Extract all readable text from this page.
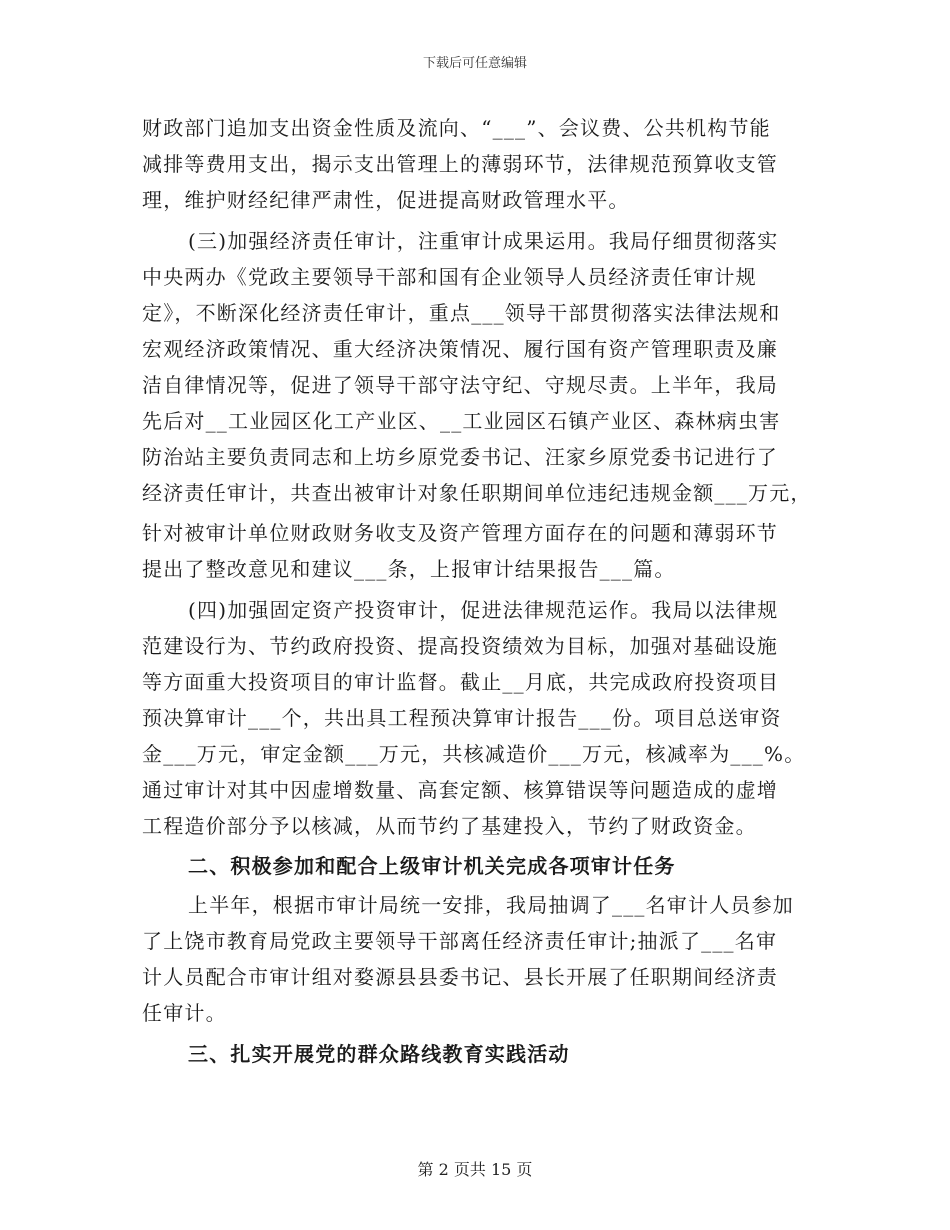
下载后可任意编辑
财政部门追加支出资金性质及流向、“___”、会议费、公共机构节能
减排等费用支出，揭示支出管理上的薄弱环节，法律规范预算收支管
理，维护财经纪律严肃性，促进提高财政管理水平。
(三)加强经济责任审计，注重审计成果运用。我局仔细贯彻落实
中央两办《党政主要领导干部和国有企业领导人员经济责任审计规
定》，不断深化经济责任审计，重点___领导干部贯彻落实法律法规和
宏观经济政策情况、重大经济决策情况、履行国有资产管理职责及廉
洁自律情况等，促进了领导干部守法守纪、守规尽责。上半年，我局
先后对__工业园区化工产业区、__工业园区石镇产业区、森林病虫害
防治站主要负责同志和上坊乡原党委书记、汪家乡原党委书记进行了
经济责任审计，共查出被审计对象任职期间单位违纪违规金额___万元，
针对被审计单位财政财务收支及资产管理方面存在的问题和薄弱环节
提出了整改意见和建议___条，上报审计结果报告___篇。
(四)加强固定资产投资审计，促进法律规范运作。我局以法律规
范建设行为、节约政府投资、提高投资绩效为目标，加强对基础设施
等方面重大投资项目的审计监督。截止__月底，共完成政府投资项目
预决算审计___个，共出具工程预决算审计报告___份。项目总送审资
金___万元，审定金额___万元，共核减造价___万元，核减率为___%。
通过审计对其中因虚增数量、高套定额、核算错误等问题造成的虚增
工程造价部分予以核减，从而节约了基建投入，节约了财政资金。
二、积极参加和配合上级审计机关完成各项审计任务
上半年，根据市审计局统一安排，我局抽调了___名审计人员参加
了上饶市教育局党政主要领导干部离任经济责任审计;抽派了___名审
计人员配合市审计组对婺源县县委书记、县长开展了任职期间经济责
任审计。
三、扎实开展党的群众路线教育实践活动
第 2 页共 15 页
